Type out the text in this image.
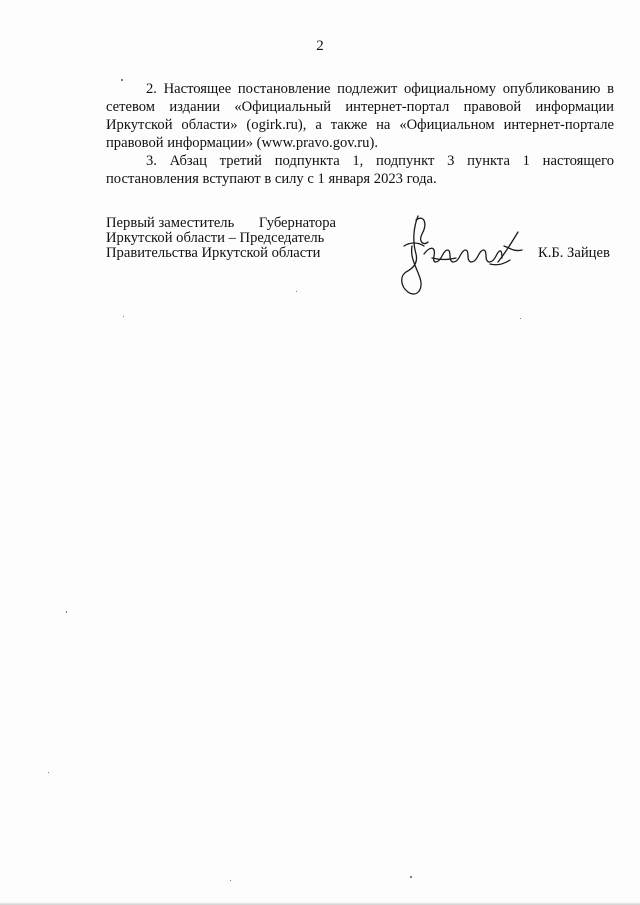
2

2. Настоящее постановление подлежит официальному опубликованию в сетевом издании «Официальный интернет-портал правовой информации Иркутской области» (ogirk.ru), а также на «Официальном интернет-портале правовой информации» (www.pravo.gov.ru).

3. Абзац третий подпункта 1, подпункт 3 пункта 1 настоящего постановления вступают в силу с 1 января 2023 года.

Первый заместитель Губернатора
Иркутской области – Председатель
Правительства Иркутской области	К.Б. Зайцев
